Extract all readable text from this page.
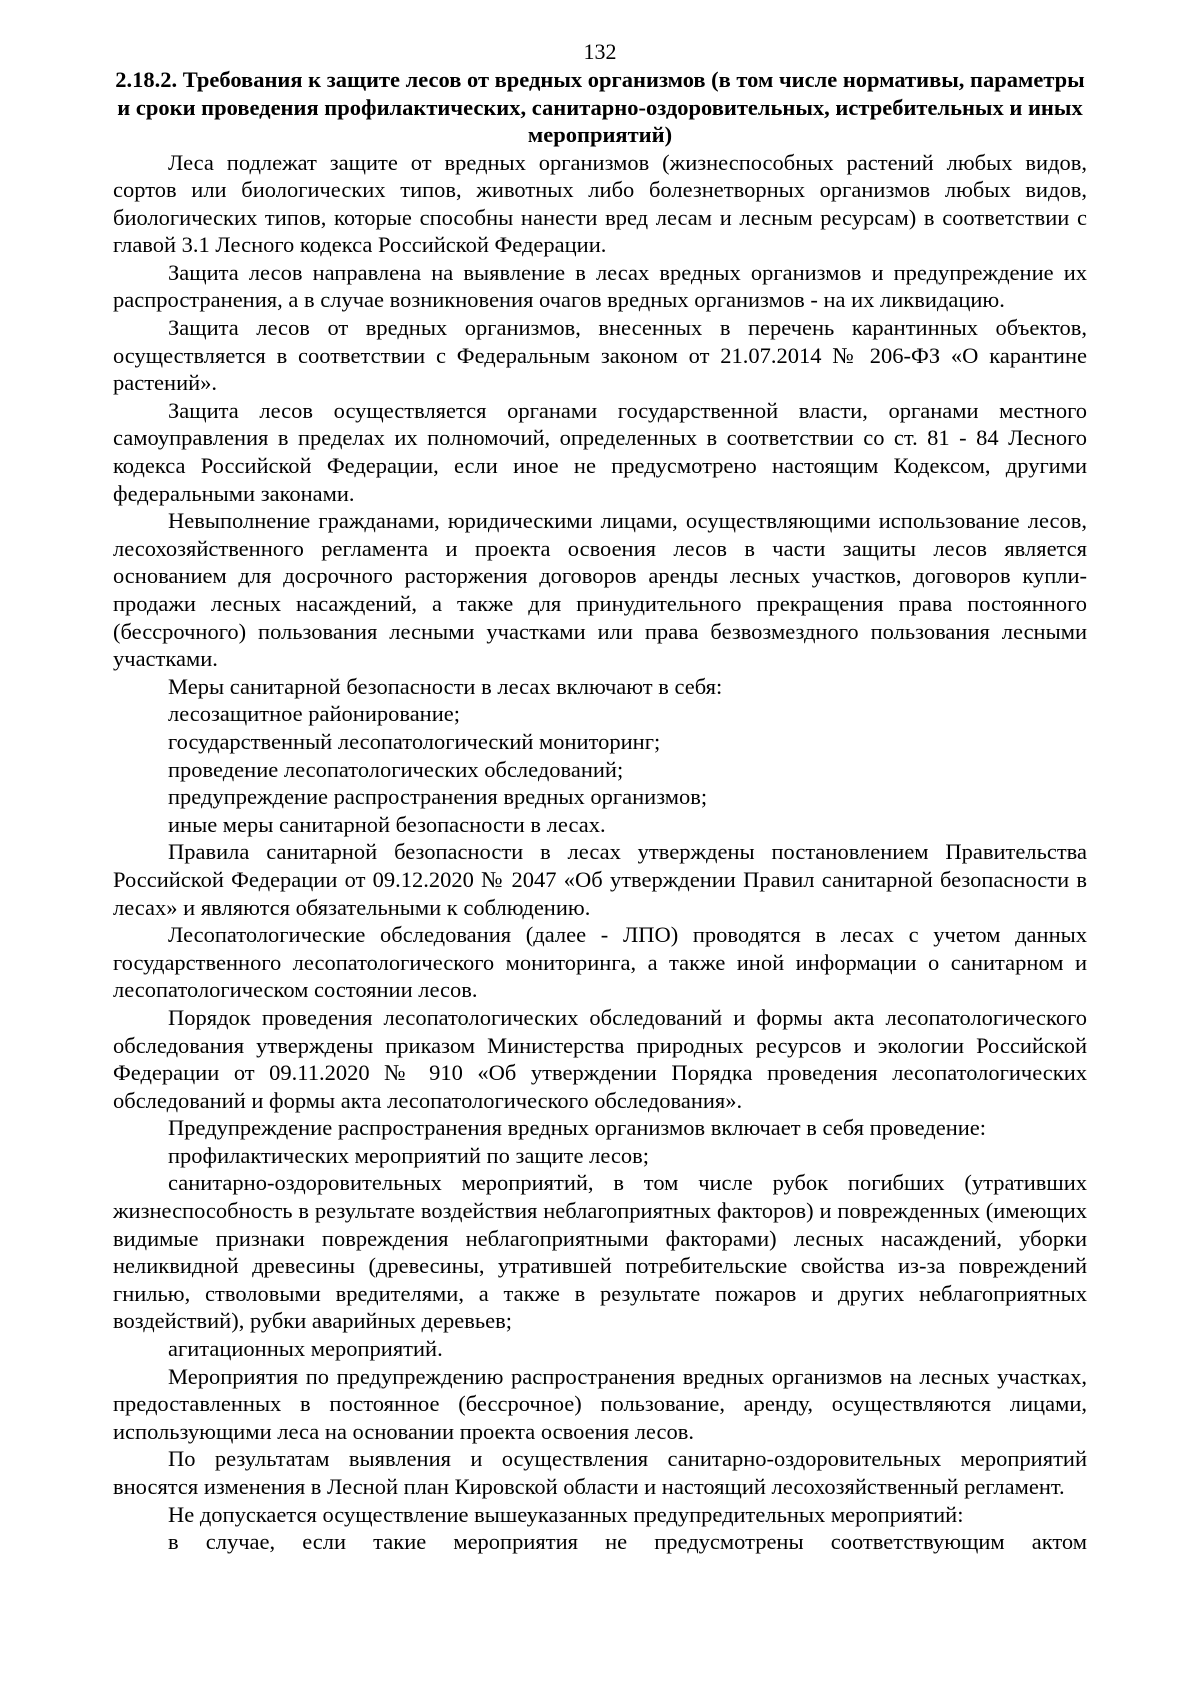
132

2.18.2. Требования к защите лесов от вредных организмов (в том числе нормативы, параметры и сроки проведения профилактических, санитарно-оздоровительных, истребительных и иных мероприятий)

Леса подлежат защите от вредных организмов (жизнеспособных растений любых видов, сортов или биологических типов, животных либо болезнетворных организмов любых видов, биологических типов, которые способны нанести вред лесам и лесным ресурсам) в соответствии с главой 3.1 Лесного кодекса Российской Федерации.

Защита лесов направлена на выявление в лесах вредных организмов и предупреждение их распространения, а в случае возникновения очагов вредных организмов - на их ликвидацию.

Защита лесов от вредных организмов, внесенных в перечень карантинных объектов, осуществляется в соответствии с Федеральным законом от 21.07.2014 № 206-ФЗ «О карантине растений».

Защита лесов осуществляется органами государственной власти, органами местного самоуправления в пределах их полномочий, определенных в соответствии со ст. 81 - 84 Лесного кодекса Российской Федерации, если иное не предусмотрено настоящим Кодексом, другими федеральными законами.

Невыполнение гражданами, юридическими лицами, осуществляющими использование лесов, лесохозяйственного регламента и проекта освоения лесов в части защиты лесов является основанием для досрочного расторжения договоров аренды лесных участков, договоров купли-продажи лесных насаждений, а также для принудительного прекращения права постоянного (бессрочного) пользования лесными участками или права безвозмездного пользования лесными участками.

Меры санитарной безопасности в лесах включают в себя:

лесозащитное районирование;

государственный лесопатологический мониторинг;

проведение лесопатологических обследований;

предупреждение распространения вредных организмов;

иные меры санитарной безопасности в лесах.

Правила санитарной безопасности в лесах утверждены постановлением Правительства Российской Федерации от 09.12.2020 № 2047 «Об утверждении Правил санитарной безопасности в лесах» и являются обязательными к соблюдению.

Лесопатологические обследования (далее - ЛПО) проводятся в лесах с учетом данных государственного лесопатологического мониторинга, а также иной информации о санитарном и лесопатологическом состоянии лесов.

Порядок проведения лесопатологических обследований и формы акта лесопатологического обследования утверждены приказом Министерства природных ресурсов и экологии Российской Федерации от 09.11.2020 № 910 «Об утверждении Порядка проведения лесопатологических обследований и формы акта лесопатологического обследования».

Предупреждение распространения вредных организмов включает в себя проведение:

профилактических мероприятий по защите лесов;

санитарно-оздоровительных мероприятий, в том числе рубок погибших (утративших жизнеспособность в результате воздействия неблагоприятных факторов) и поврежденных (имеющих видимые признаки повреждения неблагоприятными факторами) лесных насаждений, уборки неликвидной древесины (древесины, утратившей потребительские свойства из-за повреждений гнилью, стволовыми вредителями, а также в результате пожаров и других неблагоприятных воздействий), рубки аварийных деревьев;

агитационных мероприятий.

Мероприятия по предупреждению распространения вредных организмов на лесных участках, предоставленных в постоянное (бессрочное) пользование, аренду, осуществляются лицами, использующими леса на основании проекта освоения лесов.

По результатам выявления и осуществления санитарно-оздоровительных мероприятий вносятся изменения в Лесной план Кировской области и настоящий лесохозяйственный регламент.

Не допускается осуществление вышеуказанных предупредительных мероприятий:

в случае, если такие мероприятия не предусмотрены соответствующим актом
